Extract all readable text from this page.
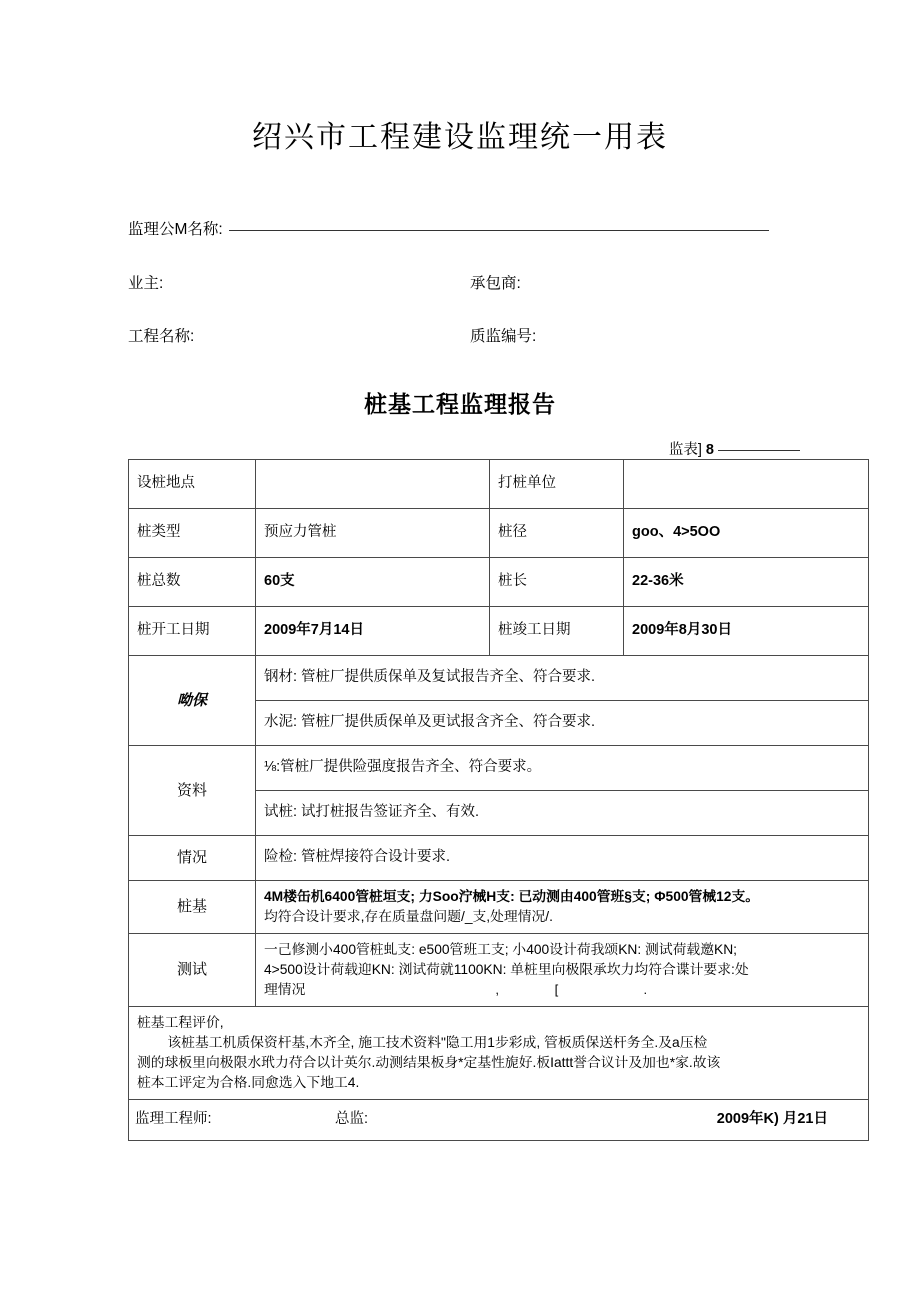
绍兴市工程建设监理统一用表
监理公M名称:
业主:	承包商:
工程名称:	质监编号:
桩基工程监理报告
监表] 8
设桩地点		打桩单位	
桩类型	预应力管桩	桩径	goo、4>5OO
桩总数	60支	桩长	22-36米
桩开工日期	2009年7月14日	桩竣工日期	2009年8月30日

呦保	钢材: 管桩厂提供质保单及复试报告齐全、符合要求.		
	水泥: 管桩厂提供质保单及更试报含齐全、符合要求.		

资料	⅛:管桩厂提供险强度报告齐全、符合要求。		
	试桩: 试打桩报告签证齐全、有效.		

情况	险检: 管桩焊接符合设计要求.		

桩基	4M楼缶机6400管桩垣支; 力Soo泞械H支: 已动测由400管班§支; Φ500管械12支。

均符合设计要求,存在质量盘问题/_支,处理情况/.		

测试	一己修测小400管桩虬支: e500管班工支; 小400设计荷我颂KN: 测试荷载邀KN;

4>500设计荷载迎KN: 浏试荷就1100KN: 单桩里向极限承坎力均符合谍计要求:处

理情况 , [  .		

桩基工程评价,

该桩基工机质保资杆基,木齐全, 施工技术资料"隐工用1步彩成, 管板质保送杆务全.及a压检

测的球板里向极限水玳力苻合以计英尔.动测结果板身*定基性旎好.板Iattt誉合议计及加也*家.故该

桩本工评定为合格.同愈选入下地工4.			

监理工程师: 总监: 2009年K) 月21日			
